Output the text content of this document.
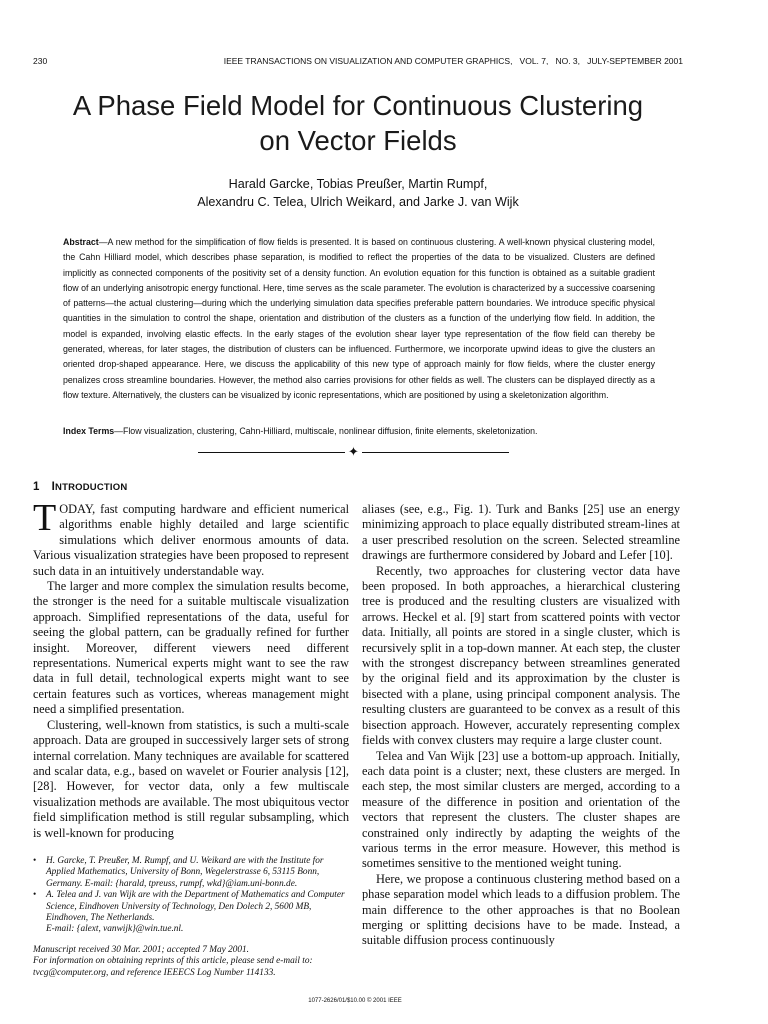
230	IEEE TRANSACTIONS ON VISUALIZATION AND COMPUTER GRAPHICS,   VOL. 7,   NO. 3,   JULY-SEPTEMBER 2001
A Phase Field Model for Continuous Clustering
on Vector Fields
Harald Garcke, Tobias Preußer, Martin Rumpf,
Alexandru C. Telea, Ulrich Weikard, and Jarke J. van Wijk
Abstract—A new method for the simplification of flow fields is presented. It is based on continuous clustering. A well-known physical clustering model, the Cahn Hilliard model, which describes phase separation, is modified to reflect the properties of the data to be visualized. Clusters are defined implicitly as connected components of the positivity set of a density function. An evolution equation for this function is obtained as a suitable gradient flow of an underlying anisotropic energy functional. Here, time serves as the scale parameter. The evolution is characterized by a successive coarsening of patterns—the actual clustering—during which the underlying simulation data specifies preferable pattern boundaries. We introduce specific physical quantities in the simulation to control the shape, orientation and distribution of the clusters as a function of the underlying flow field. In addition, the model is expanded, involving elastic effects. In the early stages of the evolution shear layer type representation of the flow field can thereby be generated, whereas, for later stages, the distribution of clusters can be influenced. Furthermore, we incorporate upwind ideas to give the clusters an oriented drop-shaped appearance. Here, we discuss the applicability of this new type of approach mainly for flow fields, where the cluster energy penalizes cross streamline boundaries. However, the method also carries provisions for other fields as well. The clusters can be displayed directly as a flow texture. Alternatively, the clusters can be visualized by iconic representations, which are positioned by using a skeletonization algorithm.
Index Terms—Flow visualization, clustering, Cahn-Hilliard, multiscale, nonlinear diffusion, finite elements, skeletonization.
✦
1 INTRODUCTION

TODAY, fast computing hardware and efficient numerical algorithms enable highly detailed and large scientific simulations which deliver enormous amounts of data. Various visualization strategies have been proposed to represent such data in an intuitively understandable way.

The larger and more complex the simulation results become, the stronger is the need for a suitable multiscale visualization approach. Simplified representations of the data, useful for seeing the global pattern, can be gradually refined for further insight. Moreover, different viewers need different representations. Numerical experts might want to see the raw data in full detail, technological experts might want to see certain features such as vortices, whereas management might need a simplified presentation.

Clustering, well-known from statistics, is such a multi-scale approach. Data are grouped in successively larger sets of strong internal correlation. Many techniques are available for scattered and scalar data, e.g., based on wavelet or Fourier analysis [12], [28]. However, for vector data, only a few multiscale visualization methods are available. The most ubiquitous vector field simplification method is still regular subsampling, which is well-known for producing

aliases (see, e.g., Fig. 1). Turk and Banks [25] use an energy minimizing approach to place equally distributed stream-lines at a user prescribed resolution on the screen. Selected streamline drawings are furthermore considered by Jobard and Lefer [10].

Recently, two approaches for clustering vector data have been proposed. In both approaches, a hierarchical clustering tree is produced and the resulting clusters are visualized with arrows. Heckel et al. [9] start from scattered points with vector data. Initially, all points are stored in a single cluster, which is recursively split in a top-down manner. At each step, the cluster with the strongest discrepancy between streamlines generated by the original field and its approximation by the cluster is bisected with a plane, using principal component analysis. The resulting clusters are guaranteed to be convex as a result of this bisection approach. However, accurately representing complex fields with convex clusters may require a large cluster count.

Telea and Van Wijk [23] use a bottom-up approach. Initially, each data point is a cluster; next, these clusters are merged. In each step, the most similar clusters are merged, according to a measure of the difference in position and orientation of the vectors that represent the clusters. The cluster shapes are constrained only indirectly by adapting the weights of the various terms in the error measure. However, this method is sometimes sensitive to the mentioned weight tuning.

Here, we propose a continuous clustering method based on a phase separation model which leads to a diffusion problem. The main difference to the other approaches is that no Boolean merging or splitting decisions have to be made. Instead, a suitable diffusion process continuously

• H. Garcke, T. Preußer, M. Rumpf, and U. Weikard are with the Institute for Applied Mathematics, University of Bonn, Wegelerstrasse 6, 53115 Bonn, Germany. E-mail: {harald, tpreuss, rumpf, wkd}@iam.uni-bonn.de.
• A. Telea and J. van Wijk are with the Department of Mathematics and Computer Science, Eindhoven University of Technology, Den Dolech 2, 5600 MB, Eindhoven, The Netherlands.
E-mail: {alext, vanwijk}@win.tue.nl.
Manuscript received 30 Mar. 2001; accepted 7 May 2001.
For information on obtaining reprints of this article, please send e-mail to: tvcg@computer.org, and reference IEEECS Log Number 114133.
1077-2626/01/$10.00 © 2001 IEEE
